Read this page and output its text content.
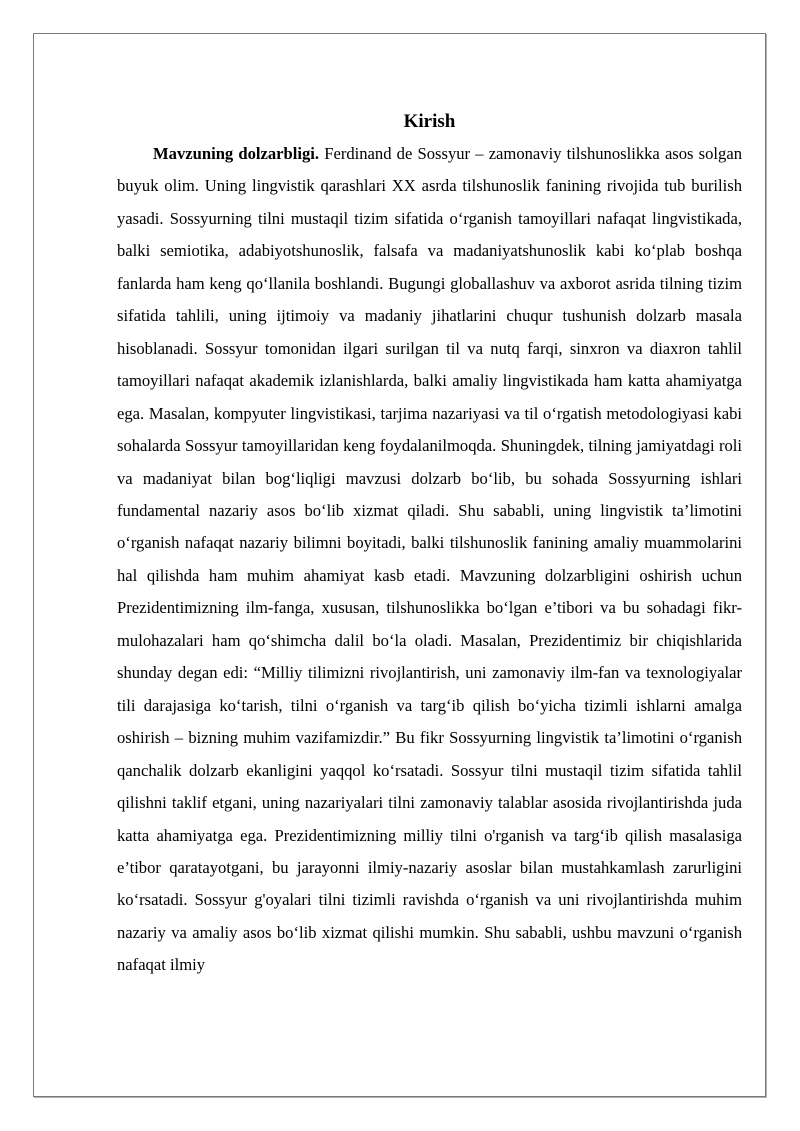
Kirish

Mavzuning dolzarbligi. Ferdinand de Sossyur – zamonaviy tilshunoslikka asos solgan buyuk olim. Uning lingvistik qarashlari XX asrda tilshunoslik fanining rivojida tub burilish yasadi. Sossyurning tilni mustaqil tizim sifatida o‘rganish tamoyillari nafaqat lingvistikada, balki semiotika, adabiyotshunoslik, falsafa va madaniyatshunoslik kabi ko‘plab boshqa fanlarda ham keng qo‘llanila boshlandi. Bugungi globallashuv va axborot asrida tilning tizim sifatida tahlili, uning ijtimoiy va madaniy jihatlarini chuqur tushunish dolzarb masala hisoblanadi. Sossyur tomonidan ilgari surilgan til va nutq farqi, sinxron va diaxron tahlil tamoyillari nafaqat akademik izlanishlarda, balki amaliy lingvistikada ham katta ahamiyatga ega. Masalan, kompyuter lingvistikasi, tarjima nazariyasi va til o‘rgatish metodologiyasi kabi sohalarda Sossyur tamoyillaridan keng foydalanilmoqda. Shuningdek, tilning jamiyatdagi roli va madaniyat bilan bog‘liqligi mavzusi dolzarb bo‘lib, bu sohada Sossyurning ishlari fundamental nazariy asos bo‘lib xizmat qiladi. Shu sababli, uning lingvistik ta’limotini o‘rganish nafaqat nazariy bilimni boyitadi, balki tilshunoslik fanining amaliy muammolarini hal qilishda ham muhim ahamiyat kasb etadi. Mavzuning dolzarbligini oshirish uchun Prezidentimizning ilm-fanga, xususan, tilshunoslikka bo‘lgan e’tibori va bu sohadagi fikr-mulohazalari ham qo‘shimcha dalil bo‘la oladi. Masalan, Prezidentimiz bir chiqishlarida shunday degan edi: “Milliy tilimizni rivojlantirish, uni zamonaviy ilm-fan va texnologiyalar tili darajasiga ko‘tarish, tilni o‘rganish va targ‘ib qilish bo‘yicha tizimli ishlarni amalga oshirish – bizning muhim vazifamizdir.” Bu fikr Sossyurning lingvistik ta’limotini o‘rganish qanchalik dolzarb ekanligini yaqqol ko‘rsatadi. Sossyur tilni mustaqil tizim sifatida tahlil qilishni taklif etgani, uning nazariyalari tilni zamonaviy talablar asosida rivojlantirishda juda katta ahamiyatga ega. Prezidentimizning milliy tilni o'rganish va targ‘ib qilish masalasiga e’tibor qaratayotgani, bu jarayonni ilmiy-nazariy asoslar bilan mustahkamlash zarurligini ko‘rsatadi. Sossyur g'oyalari tilni tizimli ravishda o‘rganish va uni rivojlantirishda muhim nazariy va amaliy asos bo‘lib xizmat qilishi mumkin. Shu sababli, ushbu mavzuni o‘rganish nafaqat ilmiy
